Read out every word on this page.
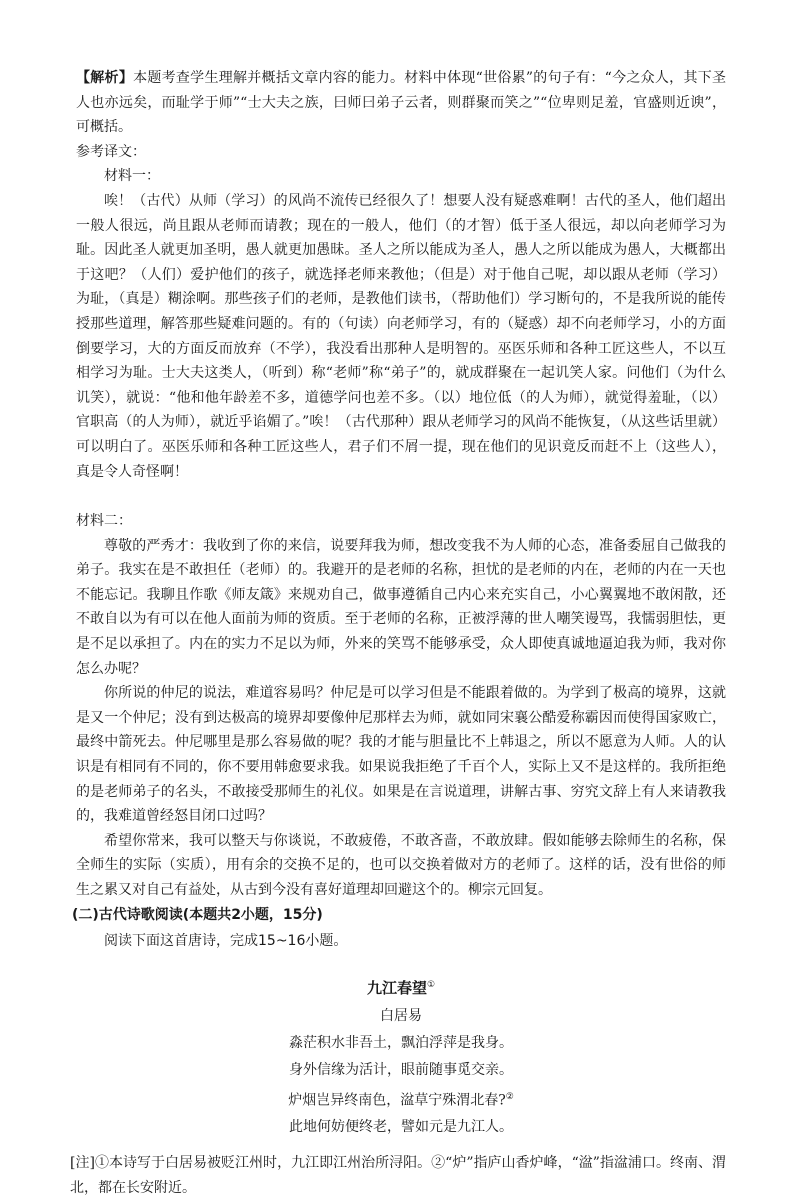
【解析】本题考查学生理解并概括文章内容的能力。材料中体现“世俗累”的句子有：“今之众人，其下圣人也亦远矣，而耻学于师”“士大夫之族，曰师曰弟子云者，则群聚而笑之”“位卑则足羞，官盛则近谀”，可概括。

参考译文：

材料一：

唉！（古代）从师（学习）的风尚不流传已经很久了！想要人没有疑惑难啊！古代的圣人，他们超出一般人很远，尚且跟从老师而请教；现在的一般人，他们（的才智）低于圣人很远，却以向老师学习为耻。因此圣人就更加圣明，愚人就更加愚昧。圣人之所以能成为圣人，愚人之所以能成为愚人，大概都出于这吧？（人们）爱护他们的孩子，就选择老师来教他；（但是）对于他自己呢，却以跟从老师（学习）为耻，（真是）糊涂啊。那些孩子们的老师，是教他们读书，（帮助他们）学习断句的，不是我所说的能传授那些道理，解答那些疑难问题的。有的（句读）向老师学习，有的（疑惑）却不向老师学习，小的方面倒要学习，大的方面反而放弃（不学），我没看出那种人是明智的。巫医乐师和各种工匠这些人，不以互相学习为耻。士大夫这类人，（听到）称“老师”称“弟子”的，就成群聚在一起讥笑人家。问他们（为什么讥笑），就说：“他和他年龄差不多，道德学问也差不多。（以）地位低（的人为师），就觉得羞耻，（以）官职高（的人为师），就近乎谄媚了。”唉！（古代那种）跟从老师学习的风尚不能恢复，（从这些话里就）可以明白了。巫医乐师和各种工匠这些人，君子们不屑一提，现在他们的见识竟反而赶不上（这些人），真是令人奇怪啊！

材料二：

尊敬的严秀才：我收到了你的来信，说要拜我为师，想改变我不为人师的心态，准备委屈自己做我的弟子。我实在是不敢担任（老师）的。我避开的是老师的名称，担忧的是老师的内在，老师的内在一天也不能忘记。我聊且作歌《师友箴》来规劝自己，做事遵循自己内心来充实自己，小心翼翼地不敢闲散，还不敢自以为有可以在他人面前为师的资质。至于老师的名称，正被浮薄的世人嘲笑谩骂，我懦弱胆怯，更是不足以承担了。内在的实力不足以为师，外来的笑骂不能够承受，众人即使真诚地逼迫我为师，我对你怎么办呢？

你所说的仲尼的说法，难道容易吗？仲尼是可以学习但是不能跟着做的。为学到了极高的境界，这就是又一个仲尼；没有到达极高的境界却要像仲尼那样去为师，就如同宋襄公酷爱称霸因而使得国家败亡，最终中箭死去。仲尼哪里是那么容易做的呢？我的才能与胆量比不上韩退之，所以不愿意为人师。人的认识是有相同有不同的，你不要用韩愈要求我。如果说我拒绝了千百个人，实际上又不是这样的。我所拒绝的是老师弟子的名头，不敢接受那师生的礼仪。如果是在言说道理，讲解古事、穷究文辞上有人来请教我的，我难道曾经怒目闭口过吗？

希望你常来，我可以整天与你谈说，不敢疲倦，不敢吝啬，不敢放肆。假如能够去除师生的名称，保全师生的实际（实质），用有余的交换不足的，也可以交换着做对方的老师了。这样的话，没有世俗的师生之累又对自己有益处，从古到今没有喜好道理却回避这个的。柳宗元回复。

(二)古代诗歌阅读(本题共2小题，15分)

阅读下面这首唐诗，完成15~16小题。

九江春望①
白居易
淼茫积水非吾土，飘泊浮萍是我身。
身外信缘为活计，眼前随事觅交亲。
炉烟岂异终南色，湓草宁殊渭北春?②
此地何妨便终老，譬如元是九江人。

[注]①本诗写于白居易被贬江州时，九江即江州治所浔阳。②“炉”指庐山香炉峰，“湓”指湓浦口。终南、渭北，都在长安附近。
